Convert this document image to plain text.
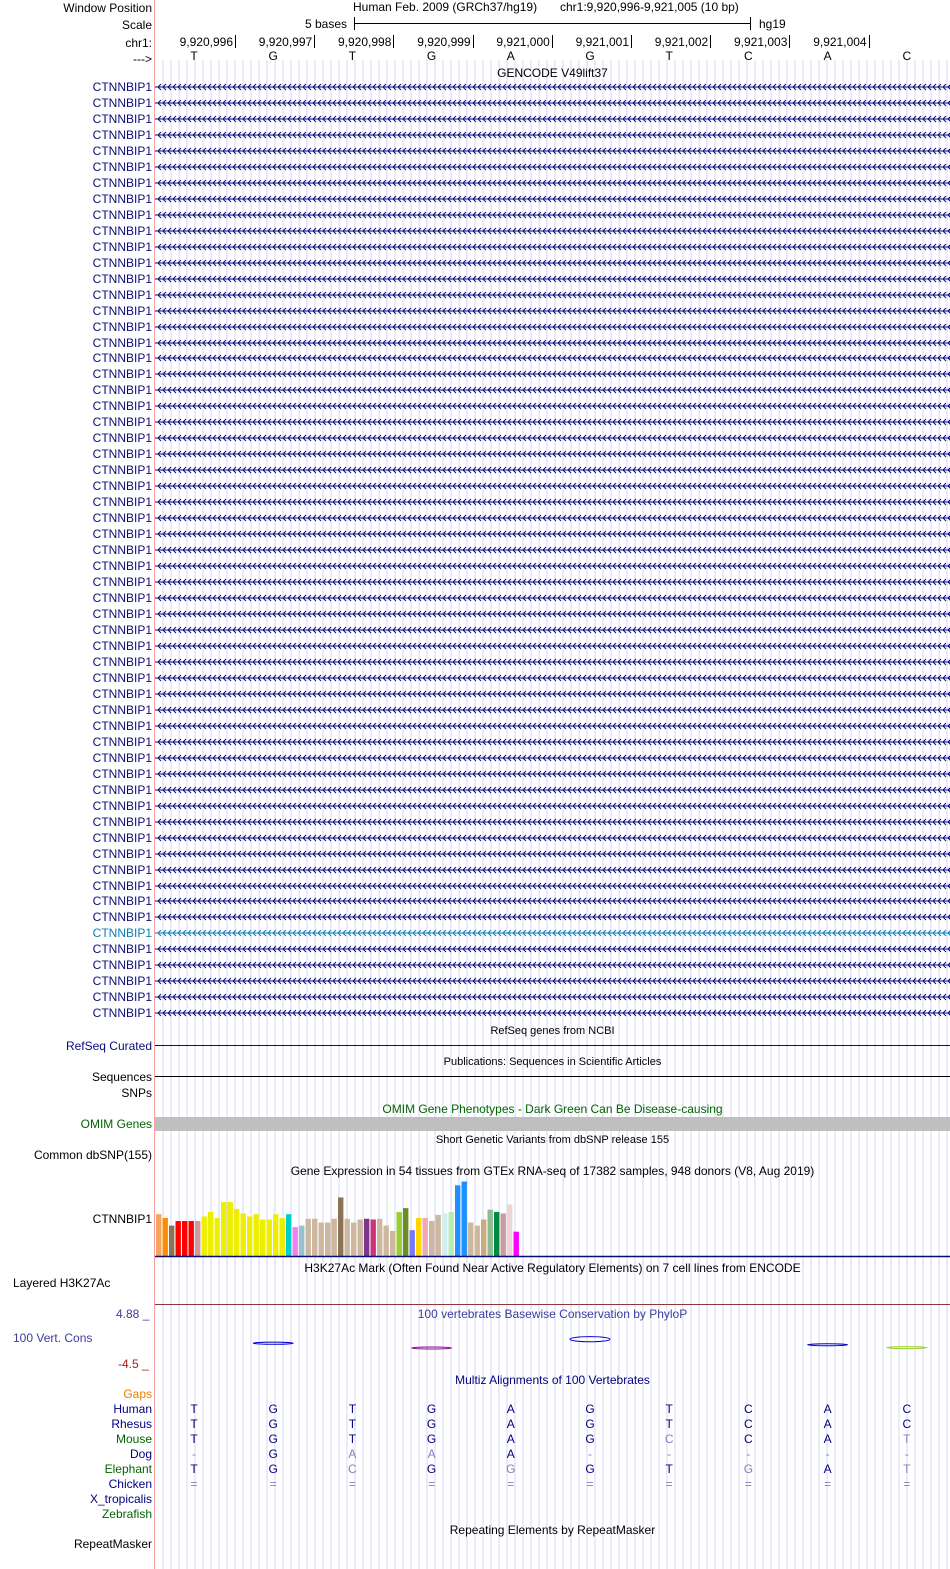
Window Position	Human Feb. 2009 (GRCh37/hg19) chr1:9,920,996-9,921,005 (10 bp)
Scale	5 bases	hg19
chr1:
--->
9,920,996	9,920,997	9,920,998	9,920,999	9,921,000	9,921,001	9,921,002	9,921,003	9,921,004
T	G	T	G	A	G	T	C	A	C
GENCODE V49lift37
CTNNBIP1
CTNNBIP1
CTNNBIP1
CTNNBIP1
CTNNBIP1
CTNNBIP1
CTNNBIP1
CTNNBIP1
CTNNBIP1
CTNNBIP1
CTNNBIP1
CTNNBIP1
CTNNBIP1
CTNNBIP1
CTNNBIP1
CTNNBIP1
CTNNBIP1
CTNNBIP1
CTNNBIP1
CTNNBIP1
CTNNBIP1
CTNNBIP1
CTNNBIP1
CTNNBIP1
CTNNBIP1
CTNNBIP1
CTNNBIP1
CTNNBIP1
CTNNBIP1
CTNNBIP1
CTNNBIP1
CTNNBIP1
CTNNBIP1
CTNNBIP1
CTNNBIP1
CTNNBIP1
CTNNBIP1
CTNNBIP1
CTNNBIP1
CTNNBIP1
CTNNBIP1
CTNNBIP1
CTNNBIP1
CTNNBIP1
CTNNBIP1
CTNNBIP1
CTNNBIP1
CTNNBIP1
CTNNBIP1
CTNNBIP1
CTNNBIP1
CTNNBIP1
CTNNBIP1
CTNNBIP1
CTNNBIP1
CTNNBIP1
CTNNBIP1
CTNNBIP1
CTNNBIP1
RefSeq genes from NCBI
RefSeq Curated
Publications: Sequences in Scientific Articles
Sequences
SNPs
OMIM Gene Phenotypes - Dark Green Can Be Disease-causing
OMIM Genes
Short Genetic Variants from dbSNP release 155
Common dbSNP(155)
Gene Expression in 54 tissues from GTEx RNA-seq of 17382 samples, 948 donors (V8, Aug 2019)
CTNNBIP1
H3K27Ac Mark (Often Found Near Active Regulatory Elements) on 7 cell lines from ENCODE
Layered H3K27Ac
100 vertebrates Basewise Conservation by PhyloP
4.88 _
100 Vert. Cons
-4.5 _
Multiz Alignments of 100 Vertebrates
Gaps
Human	T	G	T	G	A	G	T	C	A	C
Rhesus	T	G	T	G	A	G	T	C	A	C
Mouse	T	G	T	G	A	G	C	C	A	T
Dog	-	G	A	A	A	-	-	-	-	-
Elephant	T	G	C	G	G	G	T	G	A	T
Chicken	=	=	=	=	=	=	=	=	=	=
X_tropicalis
Zebrafish
Repeating Elements by RepeatMasker
RepeatMasker
